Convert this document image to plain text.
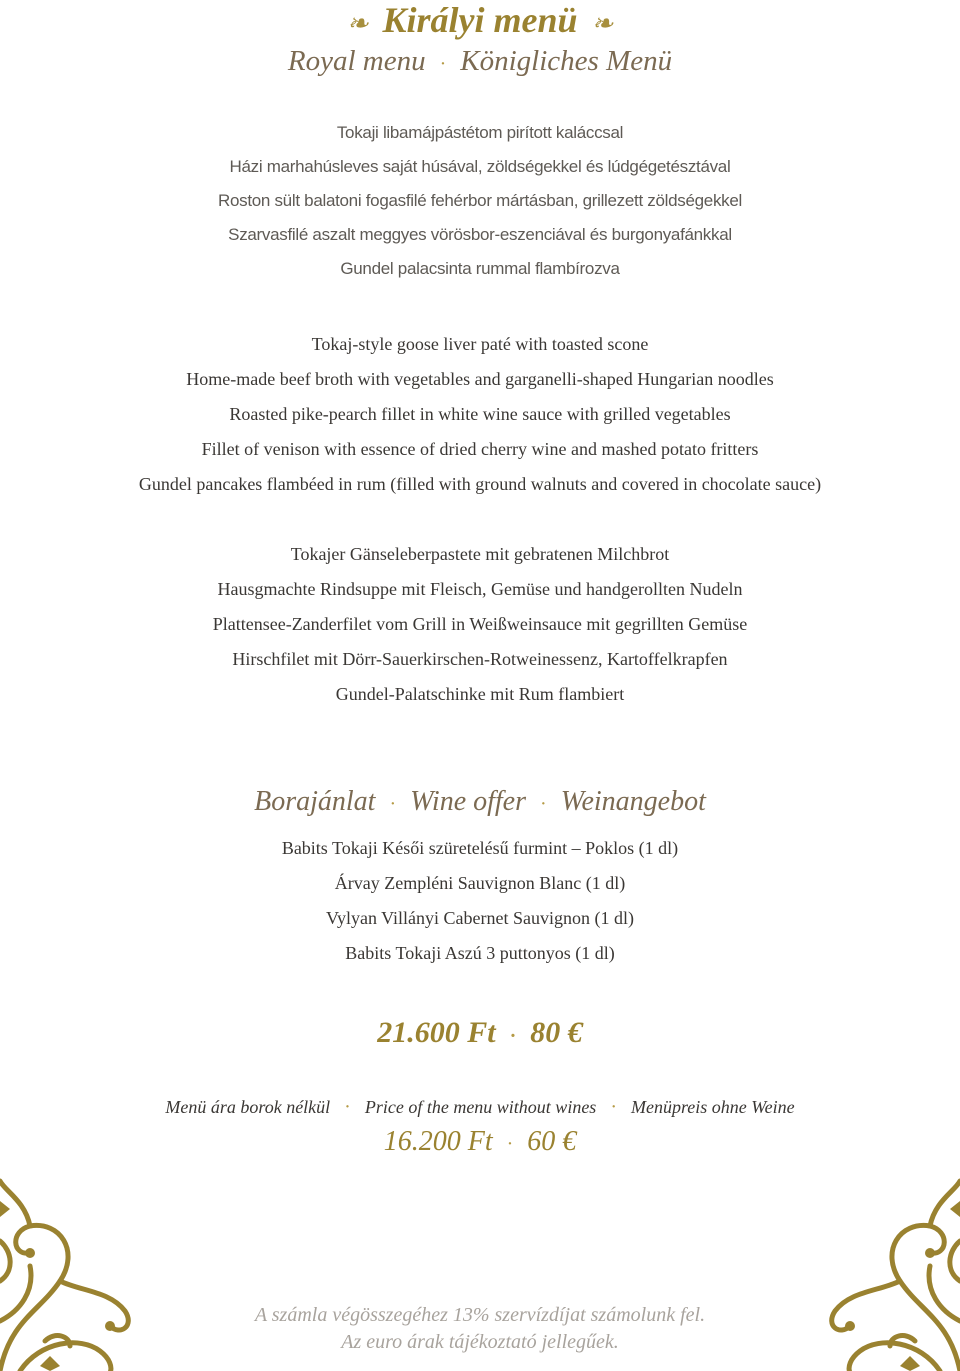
❧ Királyi menü ❧
Royal menu · Königliches Menü
Tokaji libamájpástétom pirított kaláccsal
Házi marhahúsleves saját húsával, zöldségekkel és lúdgégetésztával
Roston sült balatoni fogasfilé fehérbor mártásban, grillezett zöldségekkel
Szarvasfilé aszalt meggyes vörösbor-eszenciával és burgonyafánkkal
Gundel palacsinta rummal flambírozva
Tokaj-style goose liver paté with toasted scone
Home-made beef broth with vegetables and garganelli-shaped Hungarian noodles
Roasted pike-pearch fillet in white wine sauce with grilled vegetables
Fillet of venison with essence of dried cherry wine and mashed potato fritters
Gundel pancakes flambéed in rum (filled with ground walnuts and covered in chocolate sauce)
Tokajer Gänseleberpastete mit gebratenen Milchbrot
Hausgmachte Rindsuppe mit Fleisch, Gemüse und handgerollten Nudeln
Plattensee-Zanderfilet vom Grill in Weißweinsauce mit gegrillten Gemüse
Hirschfilet mit Dörr-Sauerkirschen-Rotweinessenz, Kartoffelkrapfen
Gundel-Palatschinke mit Rum flambiert
Borajánlat · Wine offer · Weinangebot
Babits Tokaji Késői szüretelésű furmint – Poklos (1 dl)
Árvay Zempléni Sauvignon Blanc (1 dl)
Vylyan Villányi Cabernet Sauvignon (1 dl)
Babits Tokaji Aszú 3 puttonyos (1 dl)
21.600 Ft · 80 €
Menü ára borok nélkül · Price of the menu without wines · Menüpreis ohne Weine
16.200 Ft · 60 €
A számla végösszegéhez 13% szervízdíjat számolunk fel.
Az euro árak tájékoztató jellegűek.
